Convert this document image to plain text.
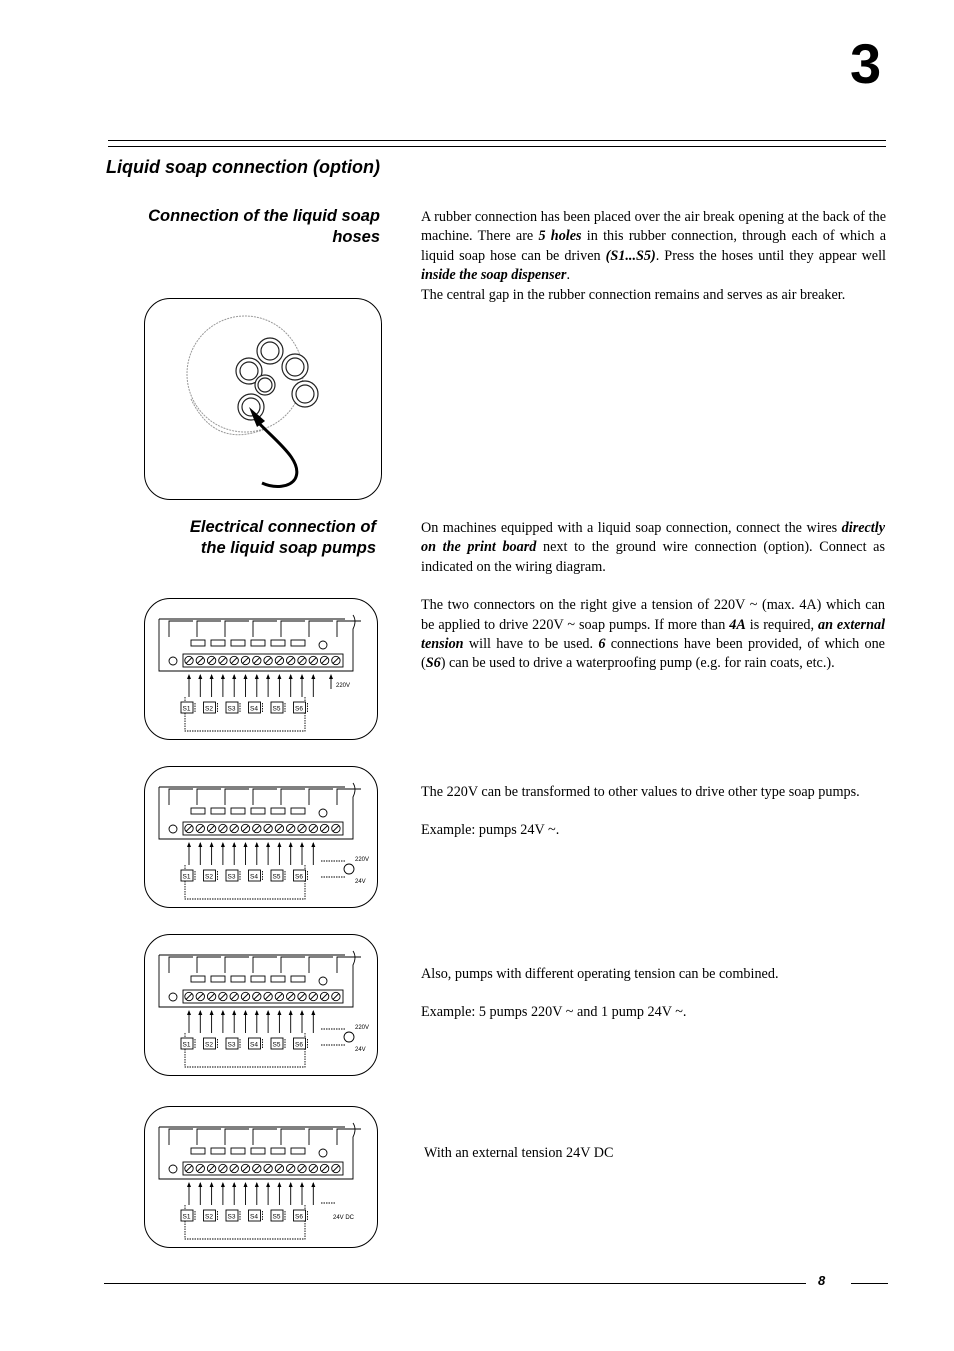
3
Liquid soap connection (option)
Connection of the liquid soap
hoses

A rubber connection has been placed over the air break opening at the back of the machine. There are 5 holes in this rubber connection, through each of which a liquid soap hose can be driven (S1...S5). Press the hoses until they appear well inside the soap dispenser.

The central gap in the rubber connection remains and serves as air breaker.

Electrical connection of
the liquid soap pumps

On machines equipped with a liquid soap connection, connect the wires directly on the print board next to the ground wire connection (option). Connect as indicated on the wiring diagram.

The two connectors on the right give a tension of 220V ~ (max. 4A) which can be applied to drive 220V ~ soap pumps. If more than 4A is required, an external tension will have to be used. 6 connections have been provided, of which one (S6) can be used to drive a waterproofing pump (e.g. for rain coats, etc.).

S1 S2 S3 S4 S5 S6
220V

The 220V can be transformed to other values to drive other type soap pumps.

Example: pumps 24V ~.

S1 S2 S3 S4 S5 S6
220V
24V

Also, pumps with different operating tension can be combined.

Example: 5 pumps 220V ~ and 1 pump 24V ~.

S1 S2 S3 S4 S5 S6
220V
24V

With an external tension 24V DC

S1 S2 S3 S4 S5 S6	24V DC
8
